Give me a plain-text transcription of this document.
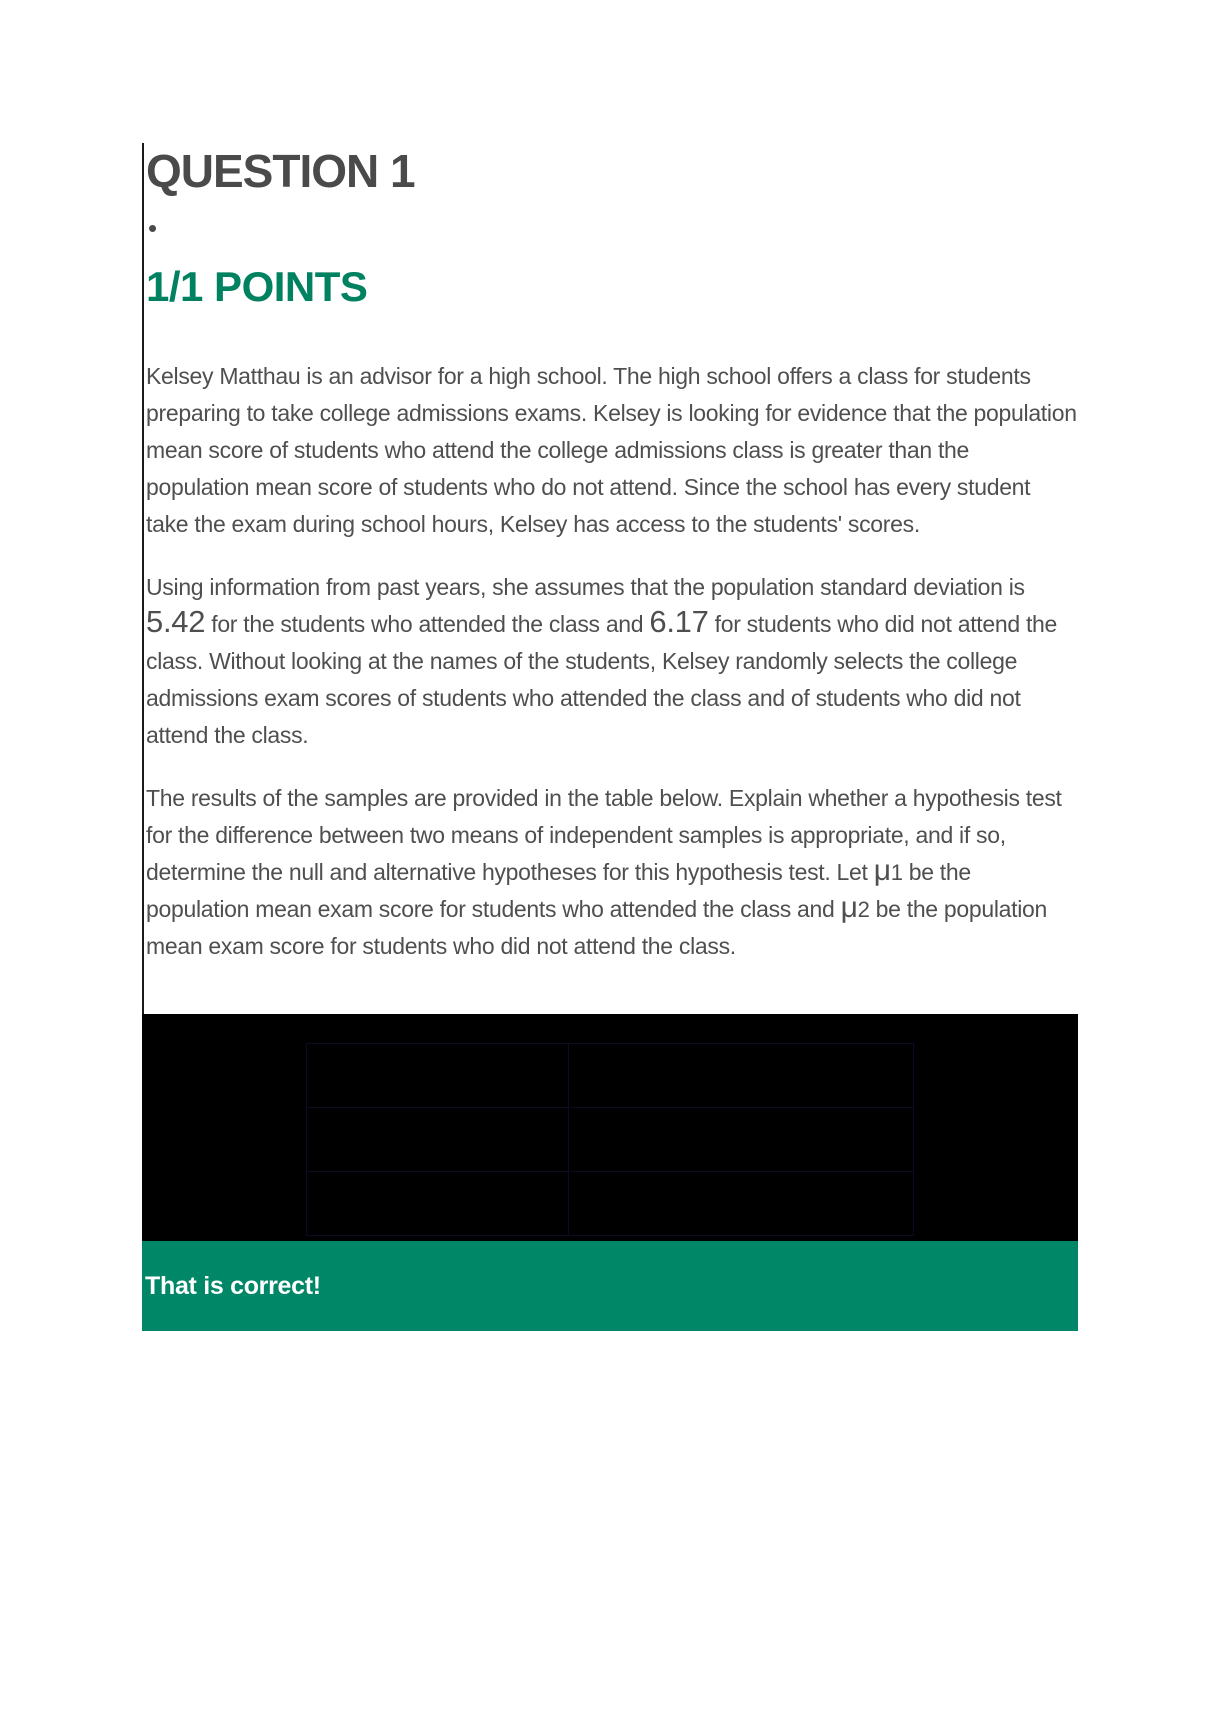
QUESTION 1
•
1/1 POINTS

Kelsey Matthau is an advisor for a high school. The high school offers a class for students preparing to take college admissions exams. Kelsey is looking for evidence that the population mean score of students who attend the college admissions class is greater than the population mean score of students who do not attend. Since the school has every student take the exam during school hours, Kelsey has access to the students' scores.

Using information from past years, she assumes that the population standard deviation is 5.42 for the students who attended the class and 6.17 for students who did not attend the class. Without looking at the names of the students, Kelsey randomly selects the college admissions exam scores of students who attended the class and of students who did not attend the class.

The results of the samples are provided in the table below. Explain whether a hypothesis test for the difference between two means of independent samples is appropriate, and if so, determine the null and alternative hypotheses for this hypothesis test. Let μ1 be the population mean exam score for students who attended the class and μ2 be the population mean exam score for students who did not attend the class.

That is correct!
